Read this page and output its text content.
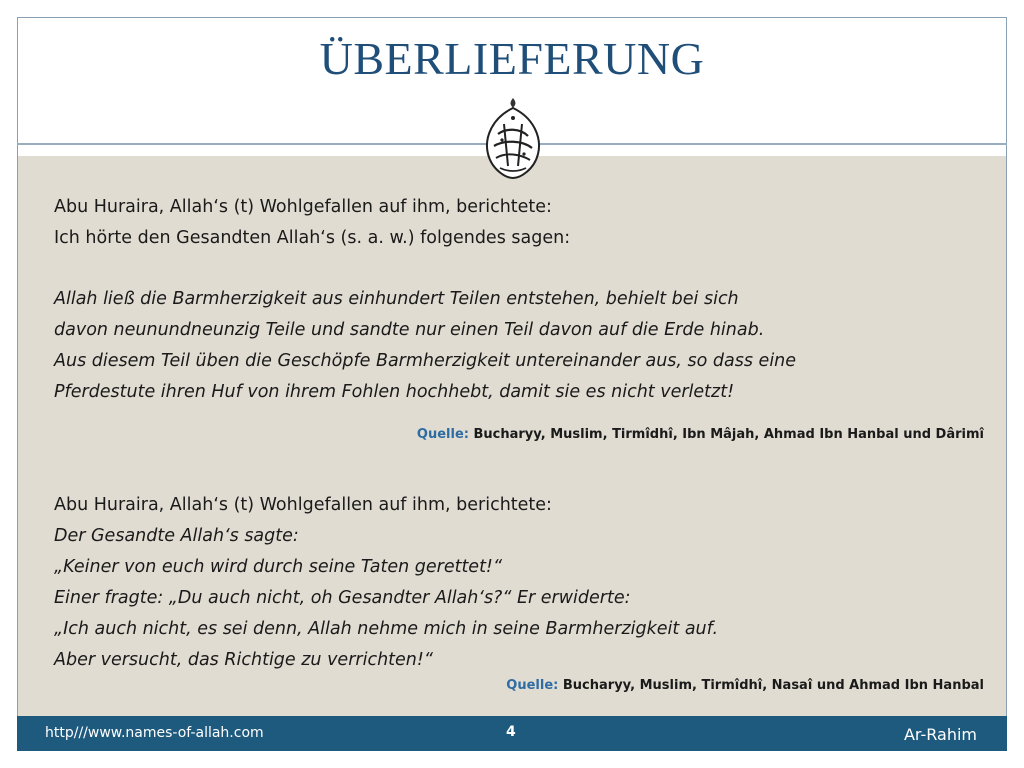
ÜBERLIEFERUNG

Abu Huraira, Allah‘s (t) Wohlgefallen auf ihm, berichtete:
Ich hörte den Gesandten Allah‘s (s. a. w.) folgendes sagen:

Allah ließ die Barmherzigkeit aus einhundert Teilen entstehen, behielt bei sich
davon neunundneunzig Teile und sandte nur einen Teil davon auf die Erde hinab.
Aus diesem Teil üben die Geschöpfe Barmherzigkeit untereinander aus, so dass eine
Pferdestute ihren Huf von ihrem Fohlen hochhebt, damit sie es nicht verletzt!

Quelle: Bucharyy, Muslim, Tirmîdhî, Ibn Mâjah, Ahmad Ibn Hanbal und Dârimî

Abu Huraira, Allah‘s (t) Wohlgefallen auf ihm, berichtete:

Der Gesandte Allah‘s sagte:
„Keiner von euch wird durch seine Taten gerettet!“
Einer fragte: „Du auch nicht, oh Gesandter Allah‘s?“ Er erwiderte:
„Ich auch nicht, es sei denn, Allah nehme mich in seine Barmherzigkeit auf.
Aber versucht, das Richtige zu verrichten!“

Quelle: Bucharyy, Muslim, Tirmîdhî, Nasaî und Ahmad Ibn Hanbal
http///www.names-of-allah.com	4	Ar-Rahim
